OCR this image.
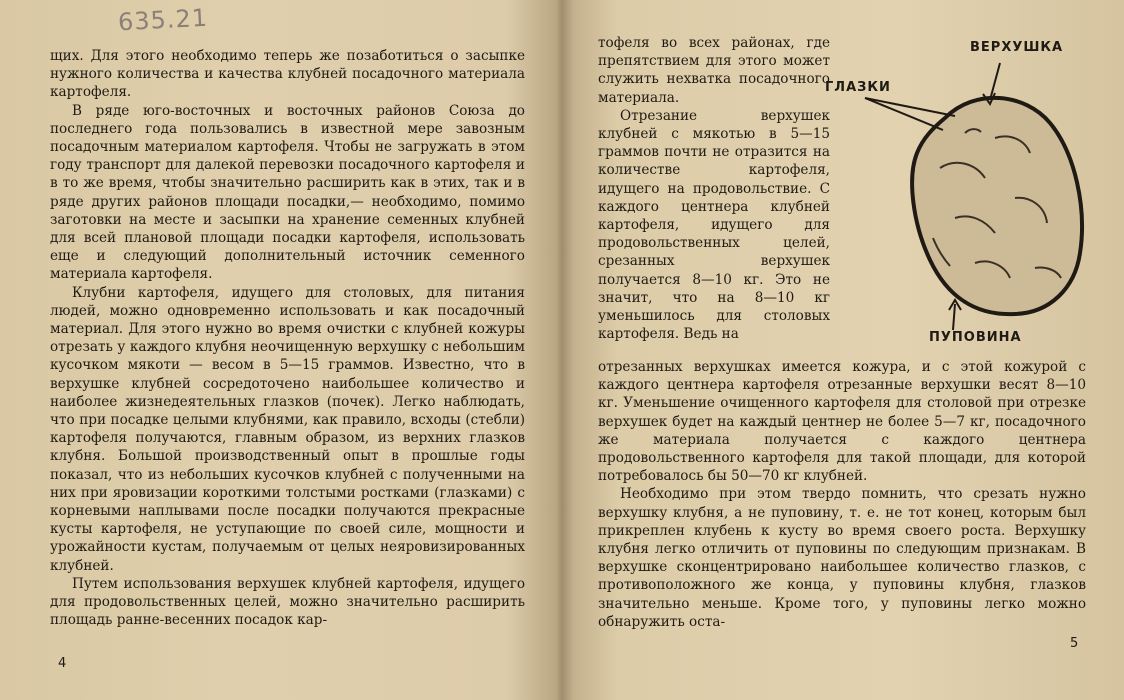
635.21

щих. Для этого необходимо теперь же позаботиться о засыпке нужного количества и качества клубней посадочного материала картофеля.

В ряде юго-восточных и восточных районов Союза до последнего года пользовались в известной мере завозным посадочным материалом картофеля. Чтобы не загружать в этом году транспорт для далекой перевозки посадочного картофеля и в то же время, чтобы значительно расширить как в этих, так и в ряде других районов площади посадки,— необходимо, помимо заготовки на месте и засыпки на хранение семенных клубней для всей плановой площади посадки картофеля, использовать еще и следующий дополнительный источник семенного материала картофеля.

Клубни картофеля, идущего для столовых, для питания людей, можно одновременно использовать и как посадочный материал. Для этого нужно во время очистки с клубней кожуры отрезать у каждого клубня неочищенную верхушку с небольшим кусочком мякоти — весом в 5—15 граммов. Известно, что в верхушке клубней сосредоточено наибольшее количество и наиболее жизнедеятельных глазков (почек). Легко наблюдать, что при посадке целыми клубнями, как правило, всходы (стебли) картофеля получаются, главным образом, из верхних глазков клубня. Большой производственный опыт в прошлые годы показал, что из небольших кусочков клубней с полученными на них при яровизации короткими толстыми ростками (глазками) с корневыми наплывами после посадки получаются прекрасные кусты картофеля, не уступающие по своей силе, мощности и урожайности кустам, получаемым от целых неяровизированных клубней.

Путем использования верхушек клубней картофеля, идущего для продовольственных целей, можно значительно расширить площадь ранне-весенних посадок кар-

4

тофеля во всех районах, где препятствием для этого может служить нехватка посадочного материала.

Отрезание верхушек клубней с мякотью в 5—15 граммов почти не отразится на количестве картофеля, идущего на продовольствие. С каждого центнера клубней картофеля, идущего для продовольственных целей, срезанных верхушек получается 8—10 кг. Это не значит, что на 8—10 кг уменьшилось для столовых картофеля. Ведь на

ВЕРХУШКА
ГЛАЗКИ
ПУПОВИНА

отрезанных верхушках имеется кожура, и с этой кожурой с каждого центнера картофеля отрезанные верхушки весят 8—10 кг. Уменьшение очищенного картофеля для столовой при отрезке верхушек будет на каждый центнер не более 5—7 кг, посадочного же материала получается с каждого центнера продовольственного картофеля для такой площади, для которой потребовалось бы 50—70 кг клубней.

Необходимо при этом твердо помнить, что срезать нужно верхушку клубня, а не пуповину, т. е. не тот конец, которым был прикреплен клубень к кусту во время своего роста. Верхушку клубня легко отличить от пуповины по следующим признакам. В верхушке сконцентрировано наибольшее количество глазков, с противоположного же конца, у пуповины клубня, глазков значительно меньше. Кроме того, у пуповины легко можно обнаружить оста-

5
